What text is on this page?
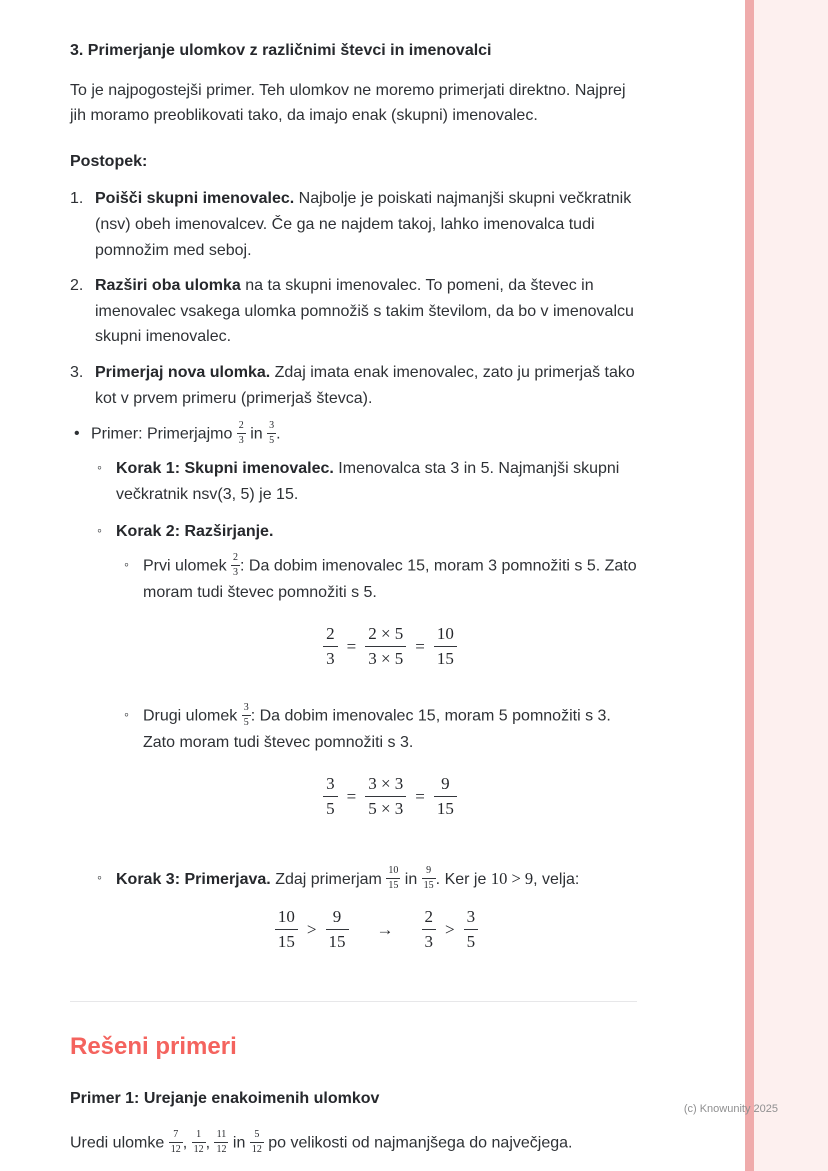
(c) Knowunity 2025
3. Primerjanje ulomkov z različnimi števci in imenovalci

To je najpogostejši primer. Teh ulomkov ne moremo primerjati direktno. Najprej jih moramo preoblikovati tako, da imajo enak (skupni) imenovalec.

Postopek:

1. Poišči skupni imenovalec. Najbolje je poiskati najmanjši skupni večkratnik (nsv) obeh imenovalcev. Če ga ne najdem takoj, lahko imenovalca tudi pomnožim med seboj.
2. Razširi oba ulomka na ta skupni imenovalec. To pomeni, da števec in imenovalec vsakega ulomka pomnožiš s takim številom, da bo v imenovalcu skupni imenovalec.
3. Primerjaj nova ulomka. Zdaj imata enak imenovalec, zato ju primerjaš tako kot v prvem primeru (primerjaš števca).
• Primer: Primerjajmo $\frac{2}{3}$ in $\frac{3}{5}$ .
◦ Korak 1: Skupni imenovalec. Imenovalca sta 3 in 5. Najmanjši skupni večkratnik nsv(3, 5) je 15.
◦ Korak 2: Razširjanje.
◦ Prvi ulomek $\frac{2}{3}$ : Da dobim imenovalec 15, moram 3 pomnožiti s 5. Zato moram tudi števec pomnožiti s 5.
$\frac{2}{3} = \frac{2 \times 5}{3 \times 5} = \frac{10}{15}$
◦ Drugi ulomek $\frac{3}{5}$ : Da dobim imenovalec 15, moram 5 pomnožiti s 3. Zato moram tudi števec pomnožiti s 3.
$\frac{3}{5} = \frac{3 \times 3}{5 \times 3} = \frac{9}{15}$
◦ Korak 3: Primerjava. Zdaj primerjam $\frac{10}{15}$ in $\frac{9}{15}$ . Ker je 10 > 9, velja:
$\frac{10}{15} > \frac{9}{15} \to \frac{2}{3} > \frac{3}{5}$
Rešeni primeri

Primer 1: Urejanje enakoimenih ulomkov

Uredi ulomke $\frac{7}{12}$ , $\frac{1}{12}$ , $\frac{11}{12}$ in $\frac{5}{12}$ po velikosti od najmanjšega do največjega.
